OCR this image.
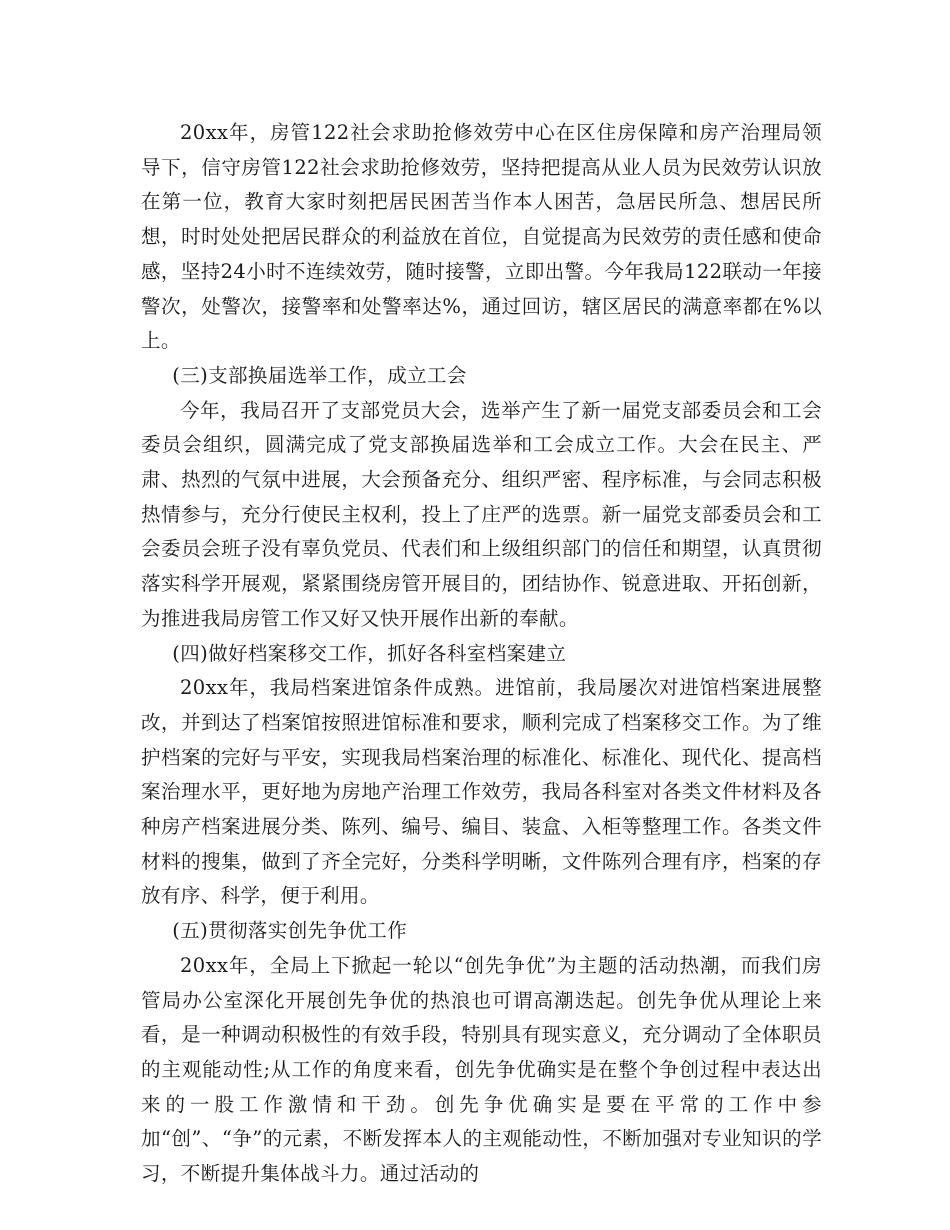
20xx年，房管122社会求助抢修效劳中心在区住房保障和房产治理局领导下，信守房管122社会求助抢修效劳，坚持把提高从业人员为民效劳认识放在第一位，教育大家时刻把居民困苦当作本人困苦，急居民所急、想居民所想，时时处处把居民群众的利益放在首位，自觉提高为民效劳的责任感和使命感，坚持24小时不连续效劳，随时接警，立即出警。今年我局122联动一年接警次，处警次，接警率和处警率达%，通过回访，辖区居民的满意率都在%以上。

(三)支部换届选举工作，成立工会

今年，我局召开了支部党员大会，选举产生了新一届党支部委员会和工会委员会组织，圆满完成了党支部换届选举和工会成立工作。大会在民主、严肃、热烈的气氛中进展，大会预备充分、组织严密、程序标准，与会同志积极热情参与，充分行使民主权利，投上了庄严的选票。新一届党支部委员会和工会委员会班子没有辜负党员、代表们和上级组织部门的信任和期望，认真贯彻落实科学开展观，紧紧围绕房管开展目的，团结协作、锐意进取、开拓创新，为推进我局房管工作又好又快开展作出新的奉献。

(四)做好档案移交工作，抓好各科室档案建立

20xx年，我局档案进馆条件成熟。进馆前，我局屡次对进馆档案进展整改，并到达了档案馆按照进馆标准和要求，顺利完成了档案移交工作。为了维护档案的完好与平安，实现我局档案治理的标准化、标准化、现代化、提高档案治理水平，更好地为房地产治理工作效劳，我局各科室对各类文件材料及各种房产档案进展分类、陈列、编号、编目、装盒、入柜等整理工作。各类文件材料的搜集，做到了齐全完好，分类科学明晰，文件陈列合理有序，档案的存放有序、科学，便于利用。

(五)贯彻落实创先争优工作

20xx年，全局上下掀起一轮以“创先争优”为主题的活动热潮，而我们房管局办公室深化开展创先争优的热浪也可谓高潮迭起。创先争优从理论上来看，是一种调动积极性的有效手段，特别具有现实意义，充分调动了全体职员的主观能动性;从工作的角度来看，创先争优确实是在整个争创过程中表达出来的一股工作激情和干劲。创先争优确实是要在平常的工作中参加“创”、“争”的元素，不断发挥本人的主观能动性，不断加强对专业知识的学习，不断提升集体战斗力。通过活动的
